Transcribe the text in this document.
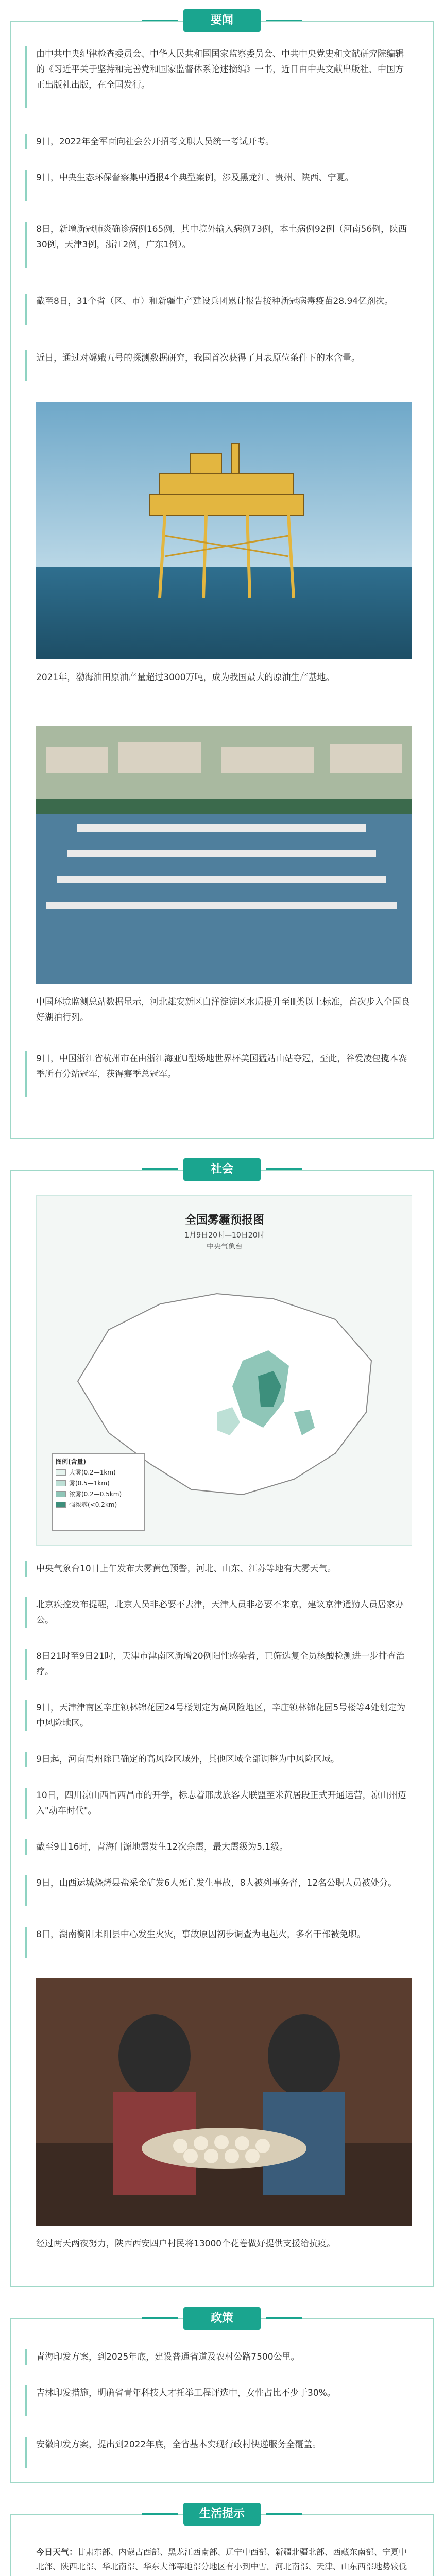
要闻
由中共中央纪律检查委员会、中华人民共和国国家监察委员会、中共中央党史和文献研究院编辑的《习近平关于坚持和完善党和国家监督体系论述摘编》一书，近日由中央文献出版社、中国方正出版社出版，在全国发行。
9日，2022年全军面向社会公开招考文职人员统一考试开考。
9日，中央生态环保督察集中通报4个典型案例，涉及黑龙江、贵州、陕西、宁夏。
8日，新增新冠肺炎确诊病例165例，其中境外输入病例73例，本土病例92例（河南56例，陕西30例，天津3例，浙江2例，广东1例）。
截至8日，31个省（区、市）和新疆生产建设兵团累计报告接种新冠病毒疫苗28.94亿剂次。
近日，通过对嫦娥五号的探测数据研究，我国首次获得了月表原位条件下的水含量。
2021年，渤海油田原油产量超过3000万吨，成为我国最大的原油生产基地。
中国环境监测总站数据显示，河北雄安新区白洋淀淀区水质提升至Ⅲ类以上标准，首次步入全国良好湖泊行列。
9日，中国浙江省杭州市在由浙江海亚U型场地世界杯美国猛站山站夺冠，至此，谷爱凌包揽本赛季所有分站冠军，获得赛季总冠军。
社会
全国雾霾预报图
1月9日20时—10日20时
中央气象台
图例(含量)
大雾(0.2—1km)
雾(0.5—1km)
浓雾(0.2—0.5km)
强浓雾(<0.2km)
中央气象台10日上午发布大雾黄色预警，河北、山东、江苏等地有大雾天气。
北京疾控发布提醒，北京人员非必要不去津，天津人员非必要不来京，建议京津通勤人员居家办公。
8日21时至9日21时，天津市津南区新增20例阳性感染者，已筛选复全员核酸检测进一步排查治疗。
9日，天津津南区辛庄镇林锦花园24号楼划定为高风险地区，辛庄镇林锦花园5号楼等4处划定为中风险地区。
9日起，河南禹州除已确定的高风险区域外，其他区域全部调整为中风险区域。
10日，四川凉山西昌西昌市的开学，标志着邢成旅客大联盟至米黄居段正式开通运营，凉山州迈入"动车时代"。
截至9日16时，青海门源地震发生12次余震，最大震级为5.1级。
9日，山西运城烧烤县盐采金矿发6人死亡发生事故，8人被列事务督，12名公职人员被处分。
8日，湖南衡阳耒阳县中心发生火灾，事故原因初步调查为电起火，多名干部被免职。
经过两天两夜努力，陕西西安四户村民将13000个花卷做好提供支援给抗疫。
政策
青海印发方案，到2025年底，建设普通省道及农村公路7500公里。
吉林印发措施，明确省青年科技人才托举工程评选中，女性占比不少于30%。
安徽印发方案，提出到2022年底，全省基本实现行政村快递服务全覆盖。
生活提示
今日天气：甘肃东部、内蒙古西部、黑龙江西南部、辽宁中西部、新疆北疆北部、西藏东南部、宁夏中北部、陕西北部、华北南部、华东大部等地部分地区有小到中雪。河北南部、天津、山东西部地势较低
